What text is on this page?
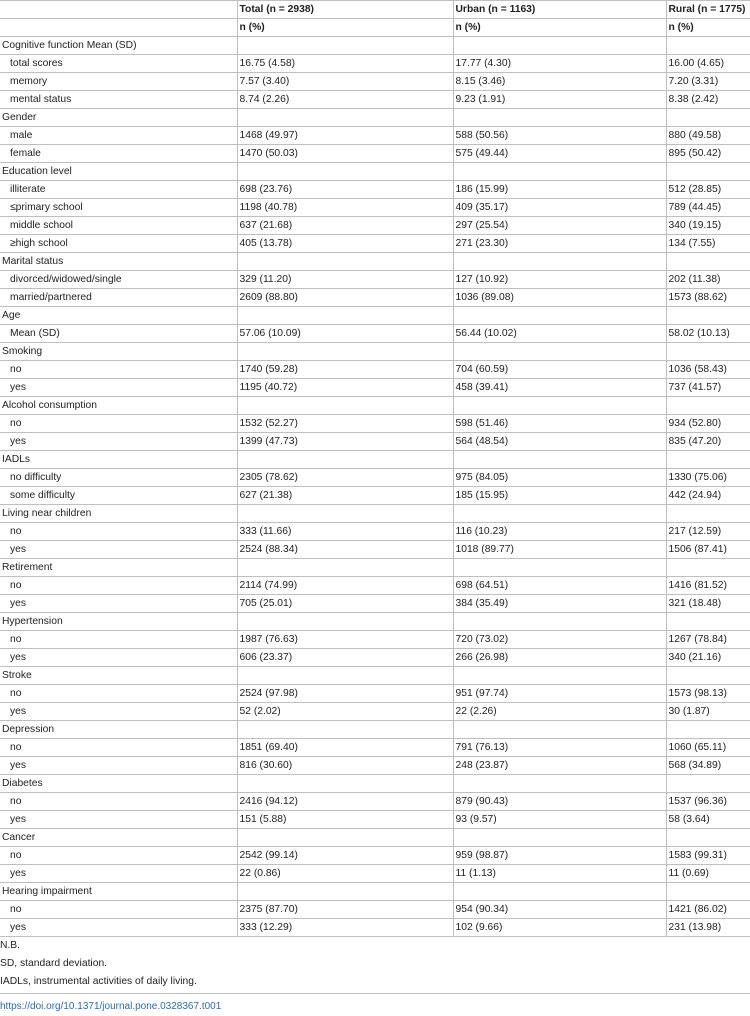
	Total (n = 2938)	Urban (n = 1163)	Rural (n = 1775)
	n (%)	n (%)	n (%)
Cognitive function Mean (SD)			
total scores	16.75 (4.58)	17.77 (4.30)	16.00 (4.65)
memory	7.57 (3.40)	8.15 (3.46)	7.20 (3.31)
mental status	8.74 (2.26)	9.23 (1.91)	8.38 (2.42)
Gender			
male	1468 (49.97)	588 (50.56)	880 (49.58)
female	1470 (50.03)	575 (49.44)	895 (50.42)
Education level			
illiterate	698 (23.76)	186 (15.99)	512 (28.85)
≤primary school	1198 (40.78)	409 (35.17)	789 (44.45)
middle school	637 (21.68)	297 (25.54)	340 (19.15)
≥high school	405 (13.78)	271 (23.30)	134 (7.55)
Marital status			
divorced/widowed/single	329 (11.20)	127 (10.92)	202 (11.38)
married/partnered	2609 (88.80)	1036 (89.08)	1573 (88.62)
Age			
Mean (SD)	57.06 (10.09)	56.44 (10.02)	58.02 (10.13)
Smoking			
no	1740 (59.28)	704 (60.59)	1036 (58.43)
yes	1195 (40.72)	458 (39.41)	737 (41.57)
Alcohol consumption			
no	1532 (52.27)	598 (51.46)	934 (52.80)
yes	1399 (47.73)	564 (48.54)	835 (47.20)
IADLs			
no difficulty	2305 (78.62)	975 (84.05)	1330 (75.06)
some difficulty	627 (21.38)	185 (15.95)	442 (24.94)
Living near children			
no	333 (11.66)	116 (10.23)	217 (12.59)
yes	2524 (88.34)	1018 (89.77)	1506 (87.41)
Retirement			
no	2114 (74.99)	698 (64.51)	1416 (81.52)
yes	705 (25.01)	384 (35.49)	321 (18.48)
Hypertension			
no	1987 (76.63)	720 (73.02)	1267 (78.84)
yes	606 (23.37)	266 (26.98)	340 (21.16)
Stroke			
no	2524 (97.98)	951 (97.74)	1573 (98.13)
yes	52 (2.02)	22 (2.26)	30 (1.87)
Depression			
no	1851 (69.40)	791 (76.13)	1060 (65.11)
yes	816 (30.60)	248 (23.87)	568 (34.89)
Diabetes			
no	2416 (94.12)	879 (90.43)	1537 (96.36)
yes	151 (5.88)	93 (9.57)	58 (3.64)
Cancer			
no	2542 (99.14)	959 (98.87)	1583 (99.31)
yes	22 (0.86)	11 (1.13)	11 (0.69)
Hearing impairment			
no	2375 (87.70)	954 (90.34)	1421 (86.02)
yes	333 (12.29)	102 (9.66)	231 (13.98)
N.B.
SD, standard deviation.
IADLs, instrumental activities of daily living.
https://doi.org/10.1371/journal.pone.0328367.t001
